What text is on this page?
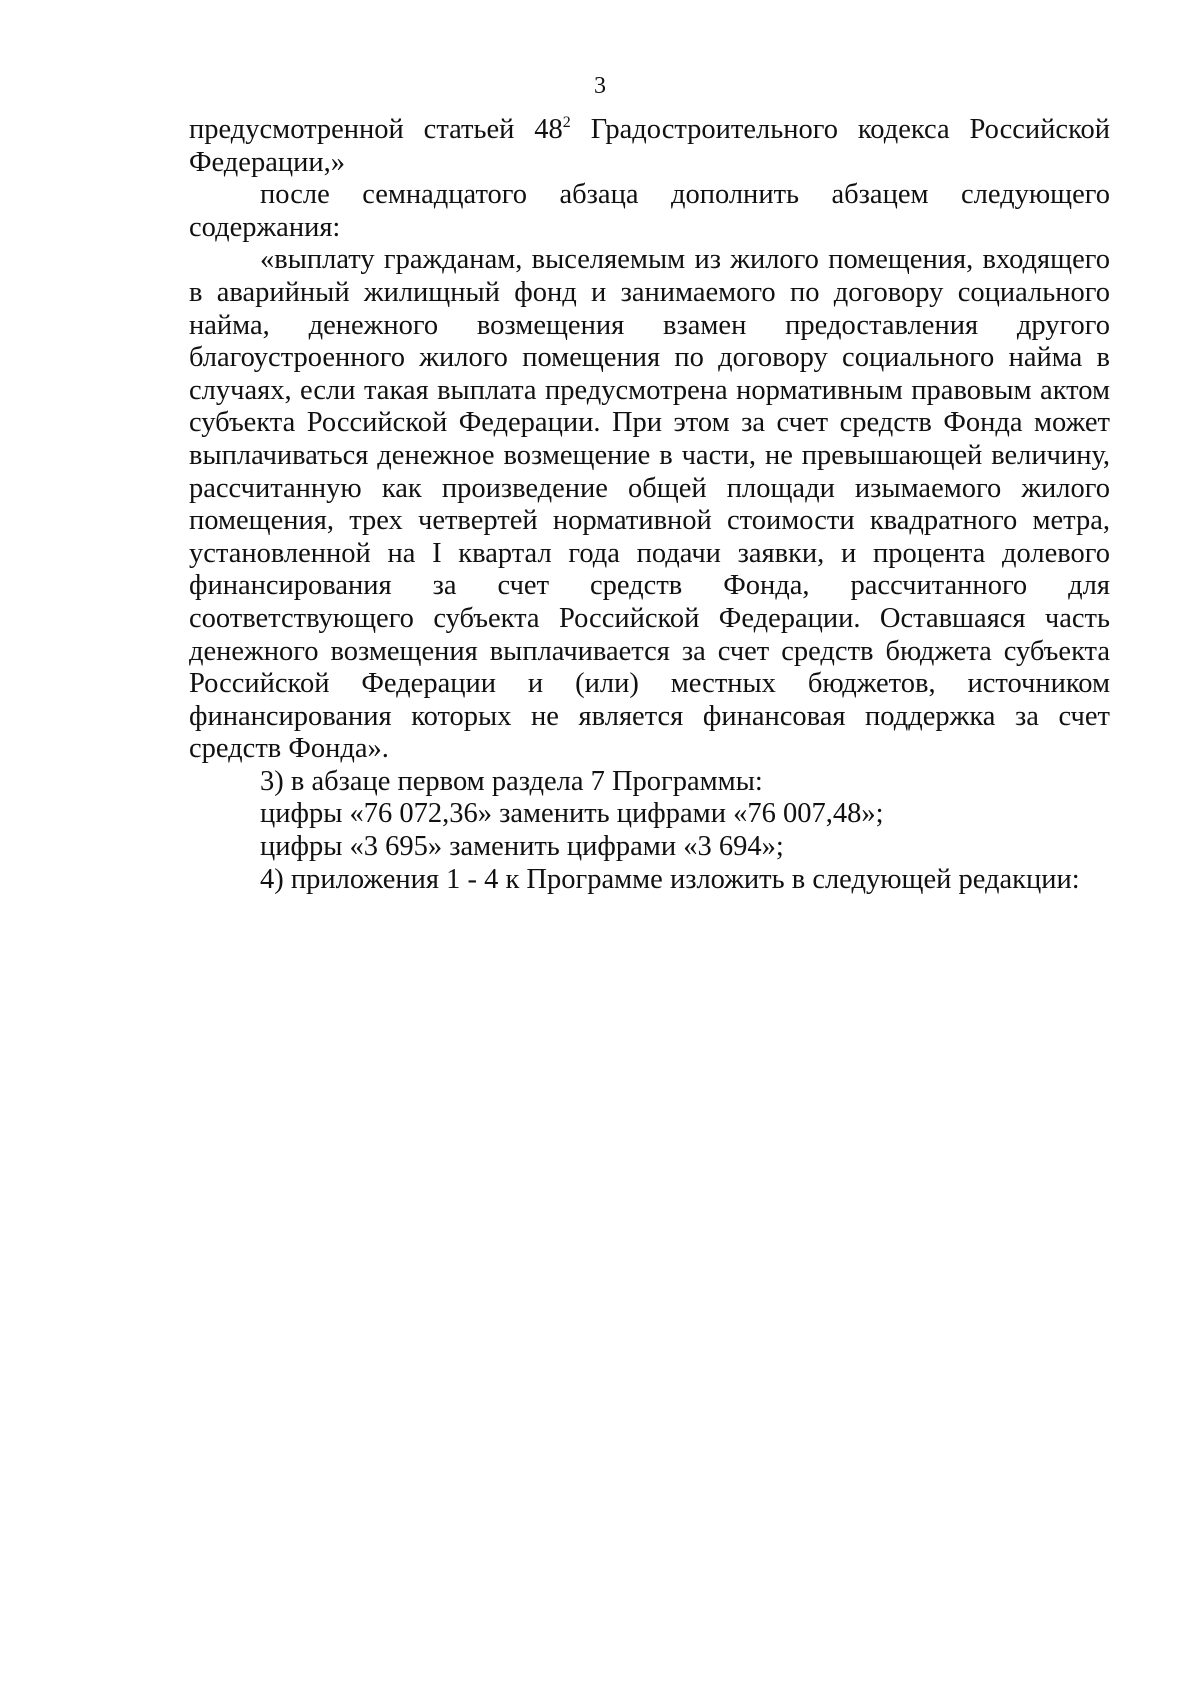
3

предусмотренной статьей $48^2$ Градостроительного кодекса Российской Федерации,»

после семнадцатого абзаца дополнить абзацем следующего содержания:

«выплату гражданам, выселяемым из жилого помещения, входящего в аварийный жилищный фонд и занимаемого по договору социального найма, денежного возмещения взамен предоставления другого благоустроенного жилого помещения по договору социального найма в случаях, если такая выплата предусмотрена нормативным правовым актом субъекта Российской Федерации. При этом за счет средств Фонда может выплачиваться денежное возмещение в части, не превышающей величину, рассчитанную как произведение общей площади изымаемого жилого помещения, трех четвертей нормативной стоимости квадратного метра, установленной на I квартал года подачи заявки, и процента долевого финансирования за счет средств Фонда, рассчитанного для соответствующего субъекта Российской Федерации. Оставшаяся часть денежного возмещения выплачивается за счет средств бюджета субъекта Российской Федерации и (или) местных бюджетов, источником финансирования которых не является финансовая поддержка за счет средств Фонда».

3) в абзаце первом раздела 7 Программы:

цифры «76 072,36» заменить цифрами «76 007,48»;

цифры «3 695» заменить цифрами «3 694»;

4) приложения 1 - 4 к Программе изложить в следующей редакции:
